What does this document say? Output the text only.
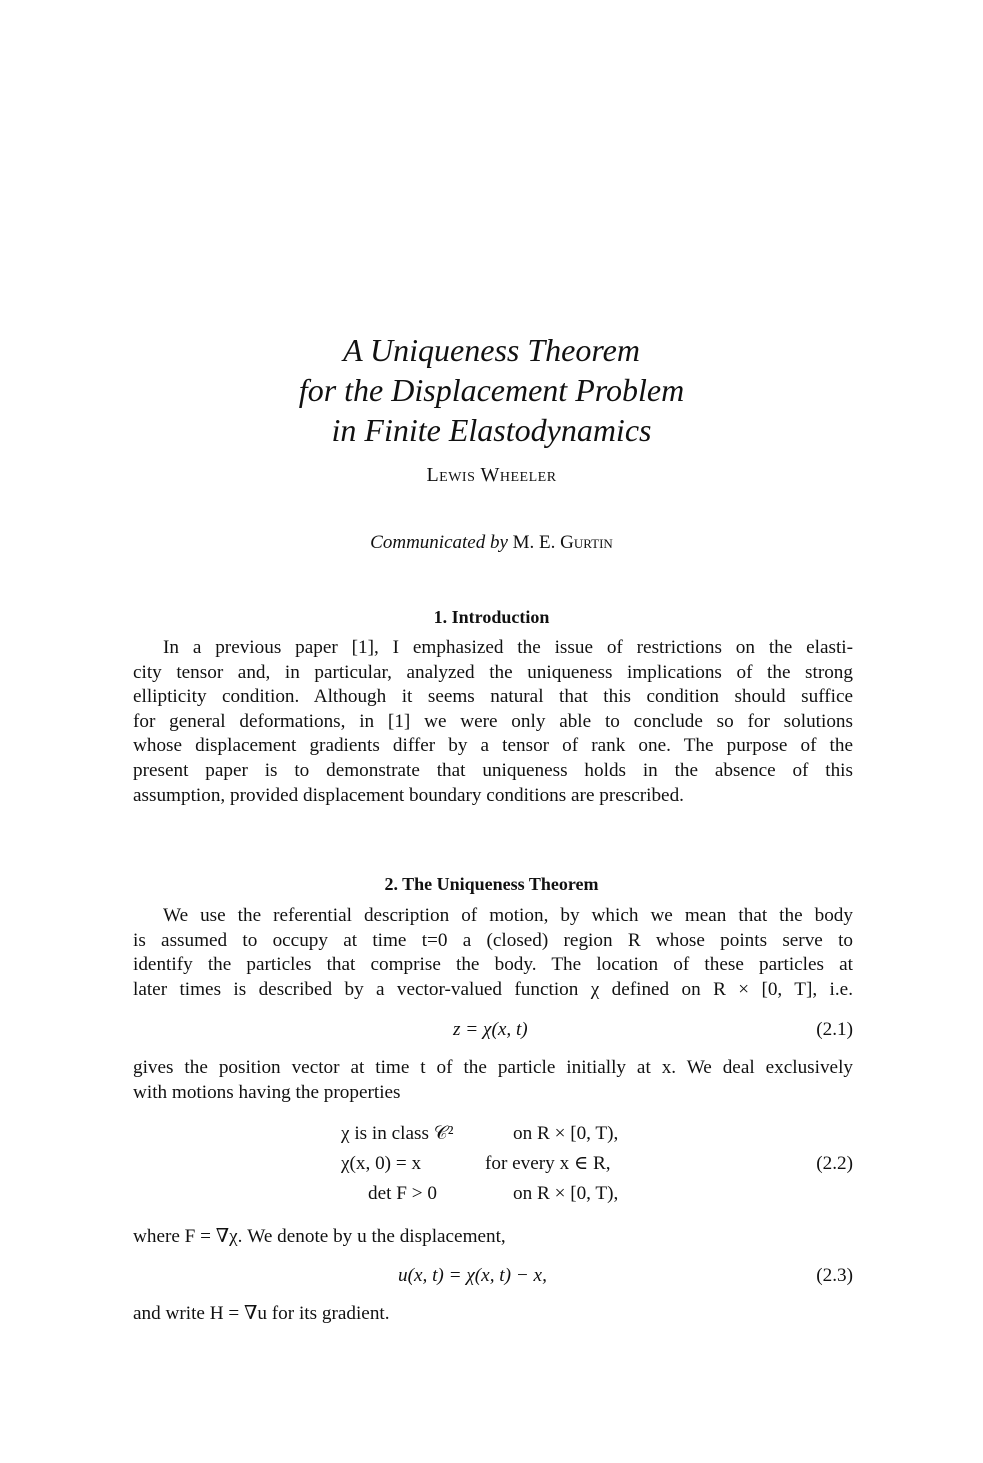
A Uniqueness Theorem
for the Displacement Problem
in Finite Elastodynamics
Lewis Wheeler
Communicated by M. E. Gurtin
1. Introduction
In a previous paper [1], I emphasized the issue of restrictions on the elasti-
city tensor and, in particular, analyzed the uniqueness implications of the strong
ellipticity condition. Although it seems natural that this condition should suffice
for general deformations, in [1] we were only able to conclude so for solutions
whose displacement gradients differ by a tensor of rank one. The purpose of the
present paper is to demonstrate that uniqueness holds in the absence of this
assumption, provided displacement boundary conditions are prescribed.
2. The Uniqueness Theorem
We use the referential description of motion, by which we mean that the body
is assumed to occupy at time t=0 a (closed) region R whose points serve to
identify the particles that comprise the body. The location of these particles at
later times is described by a vector-valued function χ defined on R × [0, T], i.e.
z = χ(x, t)	(2.1)
gives the position vector at time t of the particle initially at x. We deal exclusively
with motions having the properties
χ is in class 𝒞²	on R × [0, T),
χ(x, 0) = x	for every x ∈ R,
det F > 0	on R × [0, T),
(2.2)
where F = ∇χ. We denote by u the displacement,
u(x, t) = χ(x, t) − x,	(2.3)
and write H = ∇u for its gradient.
